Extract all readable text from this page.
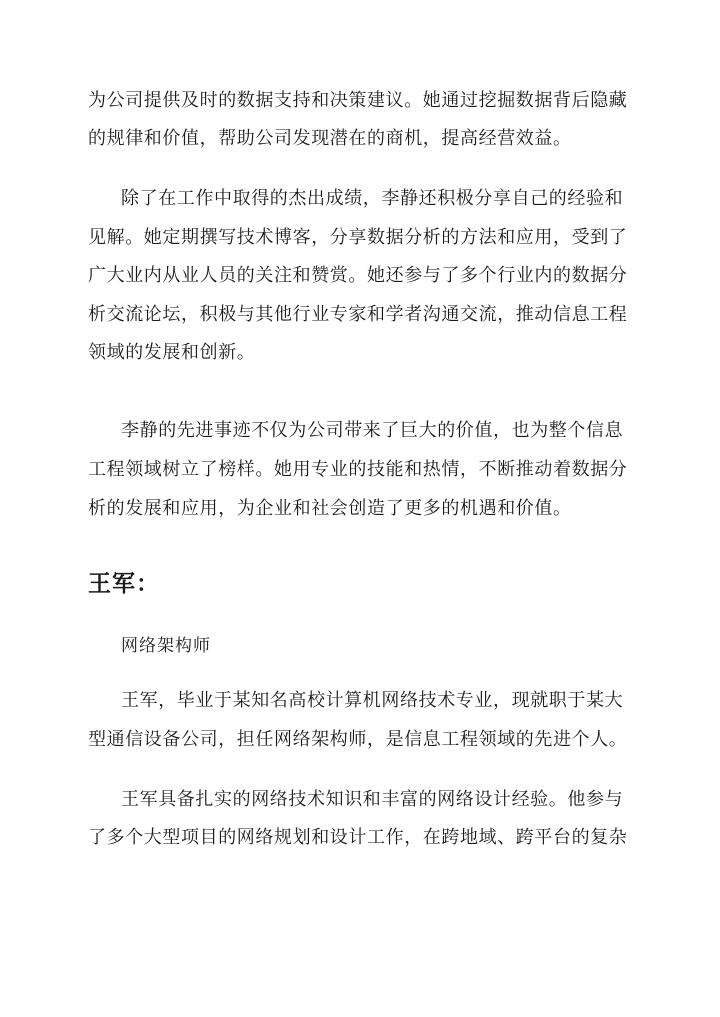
为公司提供及时的数据支持和决策建议。她通过挖掘数据背后隐藏
的规律和价值，帮助公司发现潜在的商机，提高经营效益。
除了在工作中取得的杰出成绩，李静还积极分享自己的经验和
见解。她定期撰写技术博客，分享数据分析的方法和应用，受到了
广大业内从业人员的关注和赞赏。她还参与了多个行业内的数据分
析交流论坛，积极与其他行业专家和学者沟通交流，推动信息工程
领域的发展和创新。
李静的先进事迹不仅为公司带来了巨大的价值，也为整个信息
工程领域树立了榜样。她用专业的技能和热情，不断推动着数据分
析的发展和应用，为企业和社会创造了更多的机遇和价值。
王军：
网络架构师
王军，毕业于某知名高校计算机网络技术专业，现就职于某大
型通信设备公司，担任网络架构师，是信息工程领域的先进个人。
王军具备扎实的网络技术知识和丰富的网络设计经验。他参与
了多个大型项目的网络规划和设计工作，在跨地域、跨平台的复杂
